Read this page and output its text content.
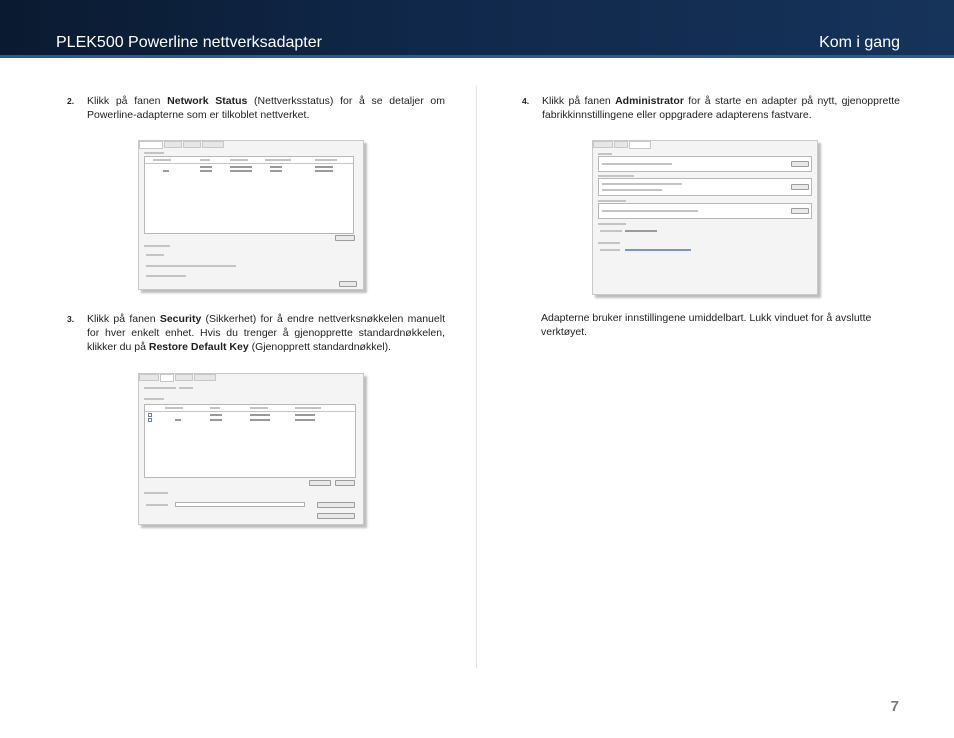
PLEK500 Powerline nettverksadapter	Kom i gang
2. Klikk på fanen Network Status (Nettverksstatus) for å se detaljer om Powerline-adapterne som er tilkoblet nettverket.
3. Klikk på fanen Security (Sikkerhet) for å endre nettverksnøkkelen manuelt for hver enkelt enhet. Hvis du trenger å gjenopprette standardnøkkelen, klikker du på Restore Default Key (Gjenopprett standardnøkkel).
4. Klikk på fanen Administrator for å starte en adapter på nytt, gjenopprette fabrikkinnstillingene eller oppgradere adapterens fastvare.
Adapterne bruker innstillingene umiddelbart. Lukk vinduet for å avslutte verktøyet.
7
